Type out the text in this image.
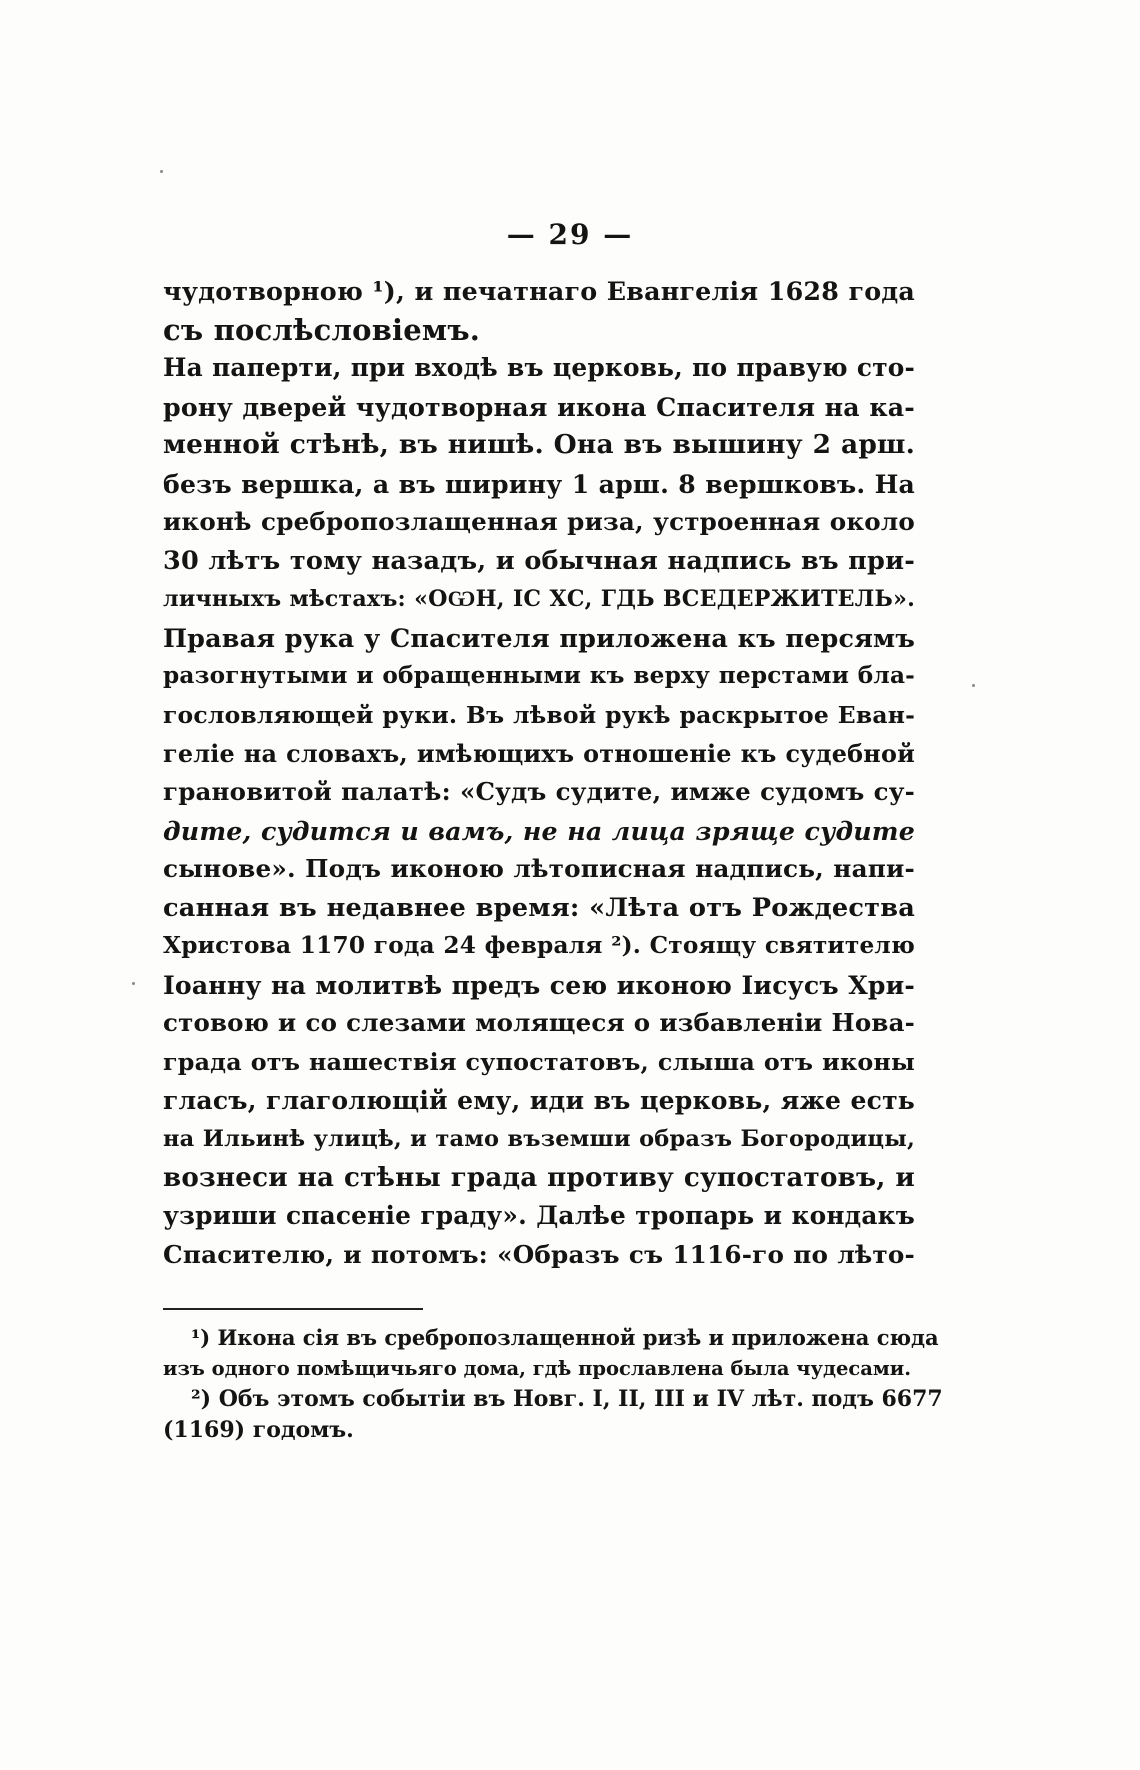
— 29 —
чудотворною ¹), и печатнаго Евангелія 1628 года
съ послѣсловіемъ.
На паперти, при входѣ въ церковь, по правую сто-
рону дверей чудотворная икона Спасителя на ка-
менной стѣнѣ, въ нишѣ. Она въ вышину 2 арш.
безъ вершка, а въ ширину 1 арш. 8 вершковъ. На
иконѣ сребропозлащенная риза, устроенная около
30 лѣтъ тому назадъ, и обычная надпись въ при-
личныхъ мѣстахъ: «ОѠН, ІС ХС, ГДЬ ВСЕДЕРЖИТЕЛЬ».
Правая рука у Спасителя приложена къ персямъ
разогнутыми и обращенными къ верху перстами бла-
гословляющей руки. Въ лѣвой рукѣ раскрытое Еван-
геліе на словахъ, имѣющихъ отношеніе къ судебной
грановитой палатѣ: «Судъ судите, имже судомъ су-
дите, судится и вамъ, не на лица зряще судите
сынове». Подъ иконою лѣтописная надпись, напи-
санная въ недавнее время: «Лѣта отъ Рождества
Христова 1170 года 24 февраля ²). Стоящу святителю
Іоанну на молитвѣ предъ сею иконою Іисусъ Хри-
стовою и со слезами молящеся о избавленіи Нова-
града отъ нашествія супостатовъ, слыша отъ иконы
гласъ, глаголющій ему, иди въ церковь, яже есть
на Ильинѣ улицѣ, и тамо въземши образъ Богородицы,
вознеси на стѣны града противу супостатовъ, и
узриши спасеніе граду». Далѣе тропарь и кондакъ
Спасителю, и потомъ: «Образъ съ 1116-го по лѣто-
¹) Икона сія въ сребропозлащенной ризѣ и приложена сюда
изъ одного помѣщичьяго дома, гдѣ прославлена была чудесами.
²) Объ этомъ событіи въ Новг. I, II, III и IV лѣт. подъ 6677
(1169) годомъ.
